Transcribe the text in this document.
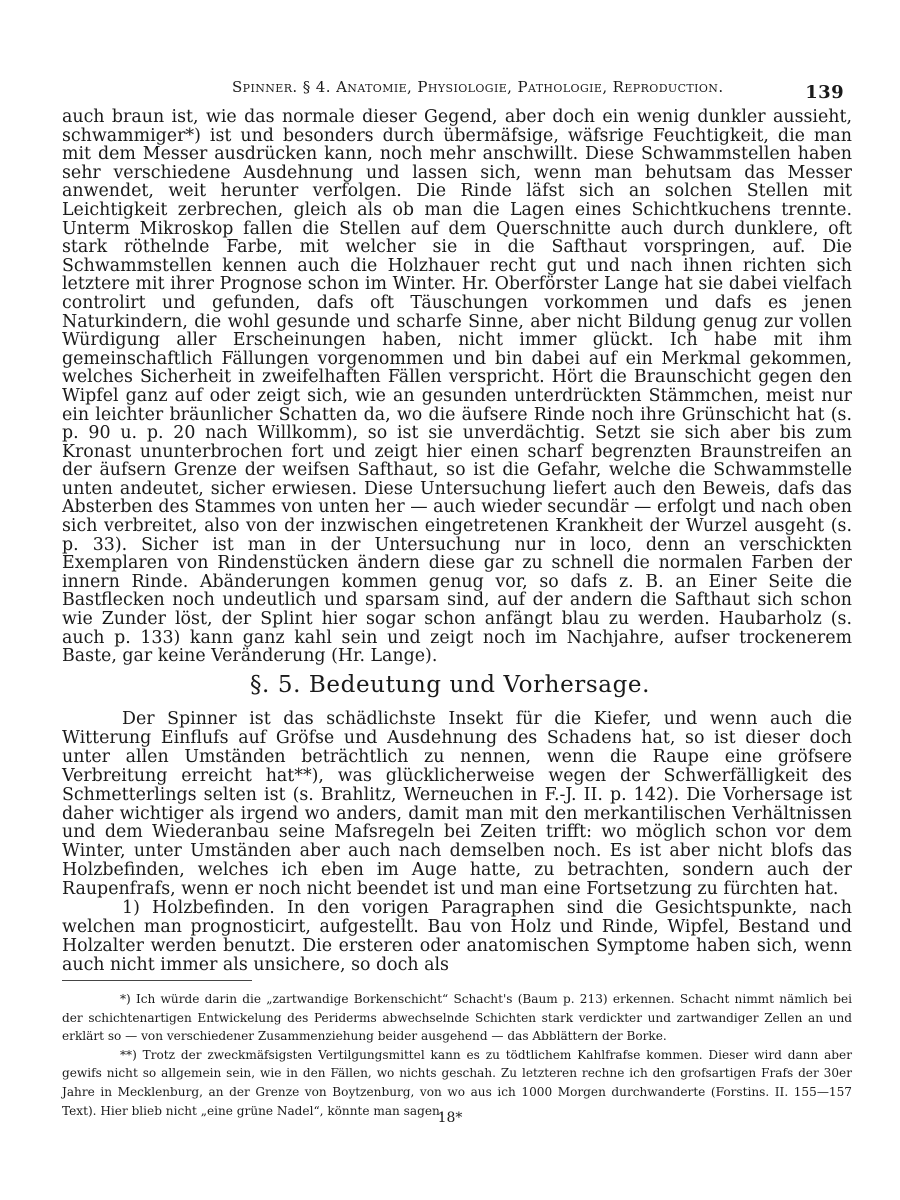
Spinner. § 4. Anatomie, Physiologie, Pathologie, Reproduction.	139

auch braun ist, wie das normale dieser Gegend, aber doch ein wenig dunkler aussieht, schwammiger*) ist und besonders durch übermäfsige, wäfsrige Feuchtigkeit, die man mit dem Messer ausdrücken kann, noch mehr anschwillt. Diese Schwammstellen haben sehr verschiedene Ausdehnung und lassen sich, wenn man behutsam das Messer anwendet, weit herunter verfolgen. Die Rinde läfst sich an solchen Stellen mit Leichtigkeit zerbrechen, gleich als ob man die Lagen eines Schichtkuchens trennte. Unterm Mikroskop fallen die Stellen auf dem Querschnitte auch durch dunklere, oft stark röthelnde Farbe, mit welcher sie in die Safthaut vorspringen, auf. Die Schwammstellen kennen auch die Holzhauer recht gut und nach ihnen richten sich letztere mit ihrer Prognose schon im Winter. Hr. Oberförster Lange hat sie dabei vielfach controlirt und gefunden, dafs oft Täuschungen vorkommen und dafs es jenen Naturkindern, die wohl gesunde und scharfe Sinne, aber nicht Bildung genug zur vollen Würdigung aller Erscheinungen haben, nicht immer glückt. Ich habe mit ihm gemeinschaftlich Fällungen vorgenommen und bin dabei auf ein Merkmal gekommen, welches Sicherheit in zweifelhaften Fällen verspricht. Hört die Braunschicht gegen den Wipfel ganz auf oder zeigt sich, wie an gesunden unterdrückten Stämmchen, meist nur ein leichter bräunlicher Schatten da, wo die äufsere Rinde noch ihre Grünschicht hat (s. p. 90 u. p. 20 nach Willkomm), so ist sie unverdächtig. Setzt sie sich aber bis zum Kronast ununterbrochen fort und zeigt hier einen scharf begrenzten Braunstreifen an der äufsern Grenze der weifsen Safthaut, so ist die Gefahr, welche die Schwammstelle unten andeutet, sicher erwiesen. Diese Untersuchung liefert auch den Beweis, dafs das Absterben des Stammes von unten her — auch wieder secundär — erfolgt und nach oben sich verbreitet, also von der inzwischen eingetretenen Krankheit der Wurzel ausgeht (s. p. 33). Sicher ist man in der Untersuchung nur in loco, denn an verschickten Exemplaren von Rindenstücken ändern diese gar zu schnell die normalen Farben der innern Rinde. Abänderungen kommen genug vor, so dafs z. B. an Einer Seite die Bastflecken noch undeutlich und sparsam sind, auf der andern die Safthaut sich schon wie Zunder löst, der Splint hier sogar schon anfängt blau zu werden. Haubarholz (s. auch p. 133) kann ganz kahl sein und zeigt noch im Nachjahre, aufser trockenerem Baste, gar keine Veränderung (Hr. Lange).

§. 5. Bedeutung und Vorhersage.

Der Spinner ist das schädlichste Insekt für die Kiefer, und wenn auch die Witterung Einflufs auf Gröfse und Ausdehnung des Schadens hat, so ist dieser doch unter allen Umständen beträchtlich zu nennen, wenn die Raupe eine gröfsere Verbreitung erreicht hat**), was glücklicherweise wegen der Schwerfälligkeit des Schmetterlings selten ist (s. Brahlitz, Werneuchen in F.-J. II. p. 142). Die Vorhersage ist daher wichtiger als irgend wo anders, damit man mit den merkantilischen Verhältnissen und dem Wiederanbau seine Mafsregeln bei Zeiten trifft: wo möglich schon vor dem Winter, unter Umständen aber auch nach demselben noch. Es ist aber nicht blofs das Holzbefinden, welches ich eben im Auge hatte, zu betrachten, sondern auch der Raupenfrafs, wenn er noch nicht beendet ist und man eine Fortsetzung zu fürchten hat.

1) Holzbefinden. In den vorigen Paragraphen sind die Gesichtspunkte, nach welchen man prognosticirt, aufgestellt. Bau von Holz und Rinde, Wipfel, Bestand und Holzalter werden benutzt. Die ersteren oder anatomischen Symptome haben sich, wenn auch nicht immer als unsichere, so doch als

*) Ich würde darin die „zartwandige Borkenschicht“ Schacht's (Baum p. 213) erkennen. Schacht nimmt nämlich bei der schichtenartigen Entwickelung des Periderms abwechselnde Schichten stark verdickter und zartwandiger Zellen an und erklärt so — von verschiedener Zusammenziehung beider ausgehend — das Abblättern der Borke.

**) Trotz der zweckmäfsigsten Vertilgungsmittel kann es zu tödtlichem Kahlfrafse kommen. Dieser wird dann aber gewifs nicht so allgemein sein, wie in den Fällen, wo nichts geschah. Zu letzteren rechne ich den grofsartigen Frafs der 30er Jahre in Mecklenburg, an der Grenze von Boytzenburg, von wo aus ich 1000 Morgen durchwanderte (Forstins. II. 155—157 Text). Hier blieb nicht „eine grüne Nadel“, könnte man sagen.

18*
